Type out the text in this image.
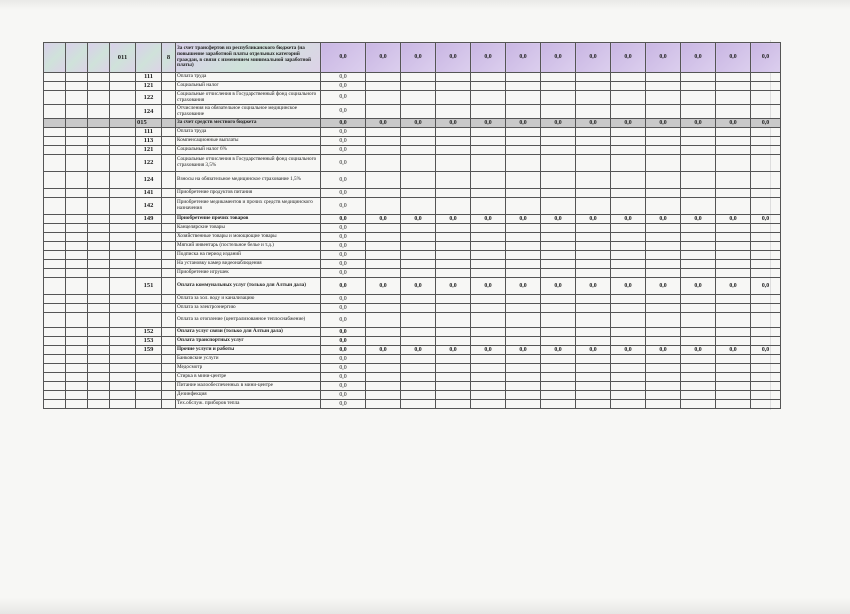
			011		8	За счет трансфертов из республиканского бюджета (на повышение заработной платы отдельных категорий граждан, в связи с изменением минимальной заработной платы)	0,0	0,0	0,0	0,0	0,0	0,0	0,0	0,0	0,0	0,0	0,0	0,0	0,0
				111		Оплата труда	0,0												
				121		Социальный налог	0,0												
				122		Социальные отчисления в Государственный фонд социального страхования	0,0												
				124		Отчисления на обязательное социальное медицинское страхование	0,0												
				015		За счет средств местного бюджета	0,0	0,0	0,0	0,0	0,0	0,0	0,0	0,0	0,0	0,0	0,0	0,0	0,0
				111		Оплата труда	0,0												
				113		Компенсационные выплаты	0,0												
				121		Социальный налог 6%	0,0												
				122		Социальные отчисления в Государственный фонд социального страхования 3,5%	0,0												
				124		Взносы на обязательное медицинское страхование 1,5%	0,0												
				141		Приобретение продуктов питания	0,0												
				142		Приобретение медикаментов и прочих средств медицинского назначения	0,0												
				149		Приобретение прочих товаров	0,0	0,0	0,0	0,0	0,0	0,0	0,0	0,0	0,0	0,0	0,0	0,0	0,0
						Канцелярские товары	0,0												
						Хозяйственные товары и моющющие товары	0,0												
						Мягкий инвентарь (постельное белье и т.д.)	0,0												
						Подписка на период изданий	0,0												
						На установку камер видеонаблюдения	0,0												
						Приобретение игрушек	0,0												
				151		Оплата коммунальных услуг (только для Алтын дала)	0,0	0,0	0,0	0,0	0,0	0,0	0,0	0,0	0,0	0,0	0,0	0,0	0,0
						Оплата за хол. воду и канализацию	0,0												
						Оплата за электроэнергию	0,0												
						Оплата за отопление (централизованное теплоснабжение)	0,0												
				152		Оплата услуг связи (только для Алтын дала)	0,0												
				153		Оплата транспортных услуг	0,0												
				159		Прочие услуги и работы	0,0	0,0	0,0	0,0	0,0	0,0	0,0	0,0	0,0	0,0	0,0	0,0	0,0
						Банковские услуги	0,0												
						Медосмотр	0,0												
						Стирка в мини-центре	0,0												
						Питание малообеспеченных в мини-центре	0,0												
						Дезинфекция	0,0												
						Тех.обслуж. приборов тепла	0,0												
